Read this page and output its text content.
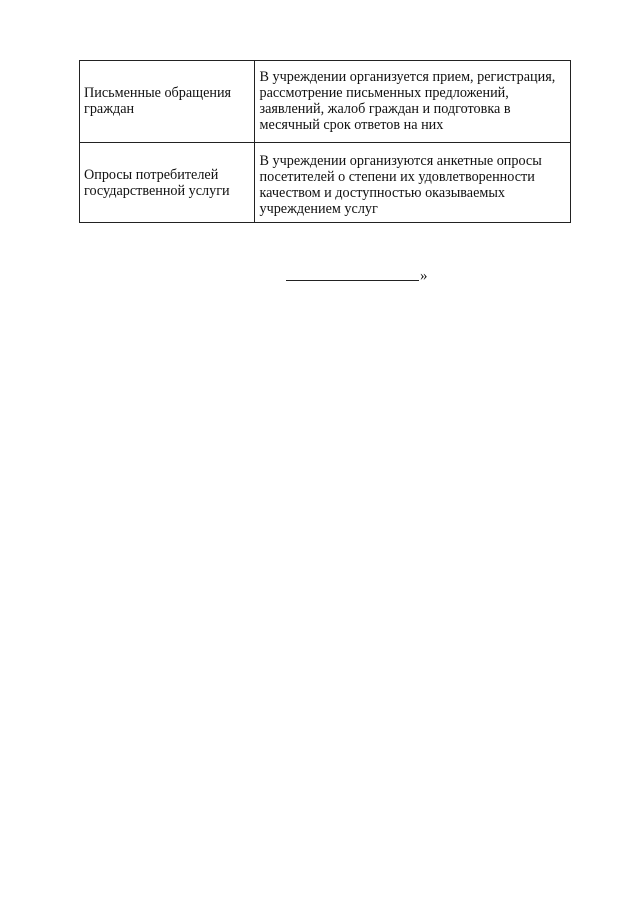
Письменные обращения граждан	В учреждении организуется прием, регистрация, рассмотрение письменных предложений, заявлений, жалоб граждан и подготовка в месячный срок ответов на них
Опросы потребителей государственной услуги	В учреждении организуются анкетные опросы посетителей о степени их удовлетворенности качеством и доступностью оказываемых учреждением услуг
»
